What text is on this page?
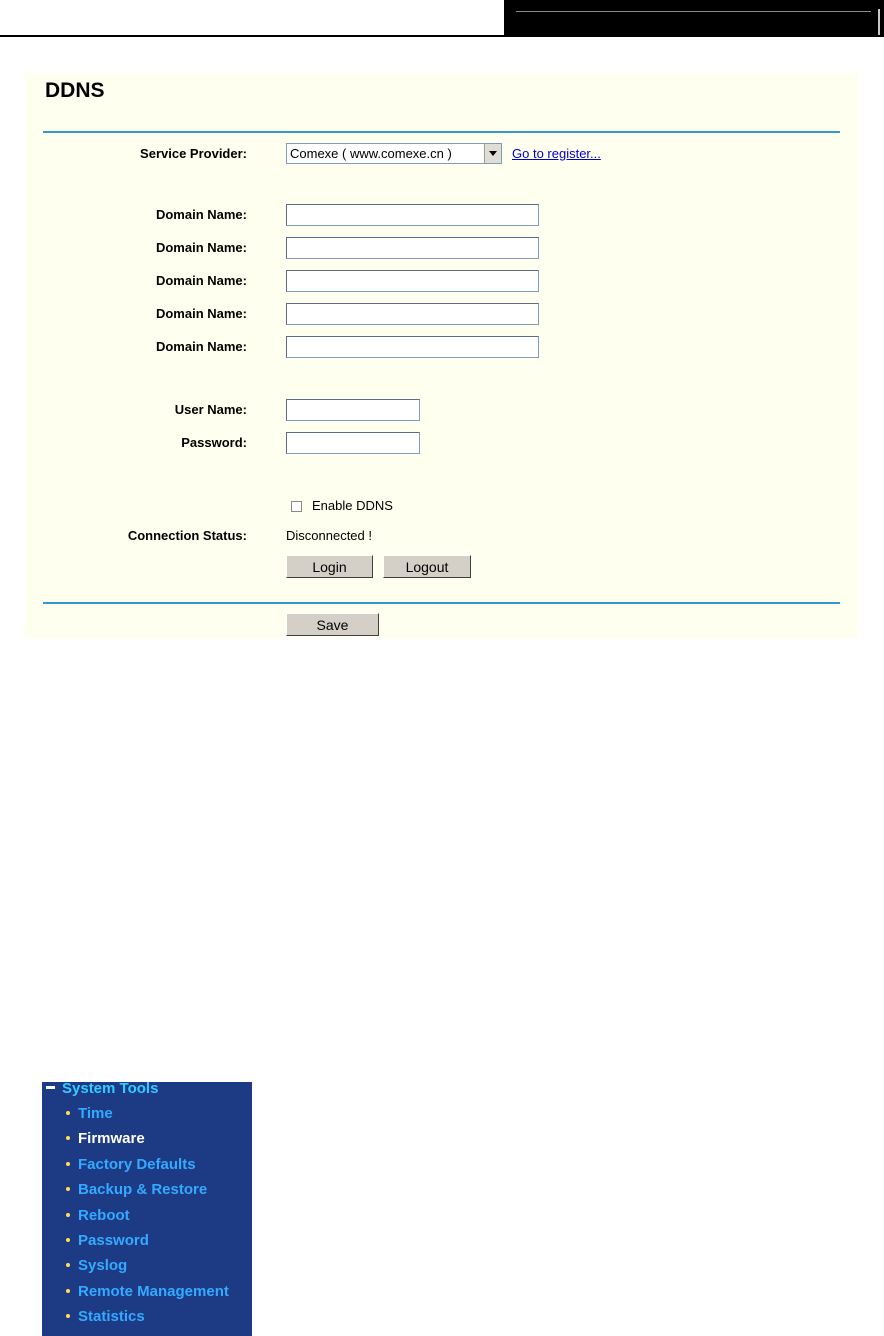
DDNS
Service Provider:	Comexe ( www.comexe.cn )	Go to register...
Domain Name:
Domain Name:
Domain Name:
Domain Name:
Domain Name:
User Name:
Password:
Enable DDNS
Connection Status:	Disconnected !
Login	Logout
Save
System Tools
Time
Firmware
Factory Defaults
Backup & Restore
Reboot
Password
Syslog
Remote Management
Statistics
